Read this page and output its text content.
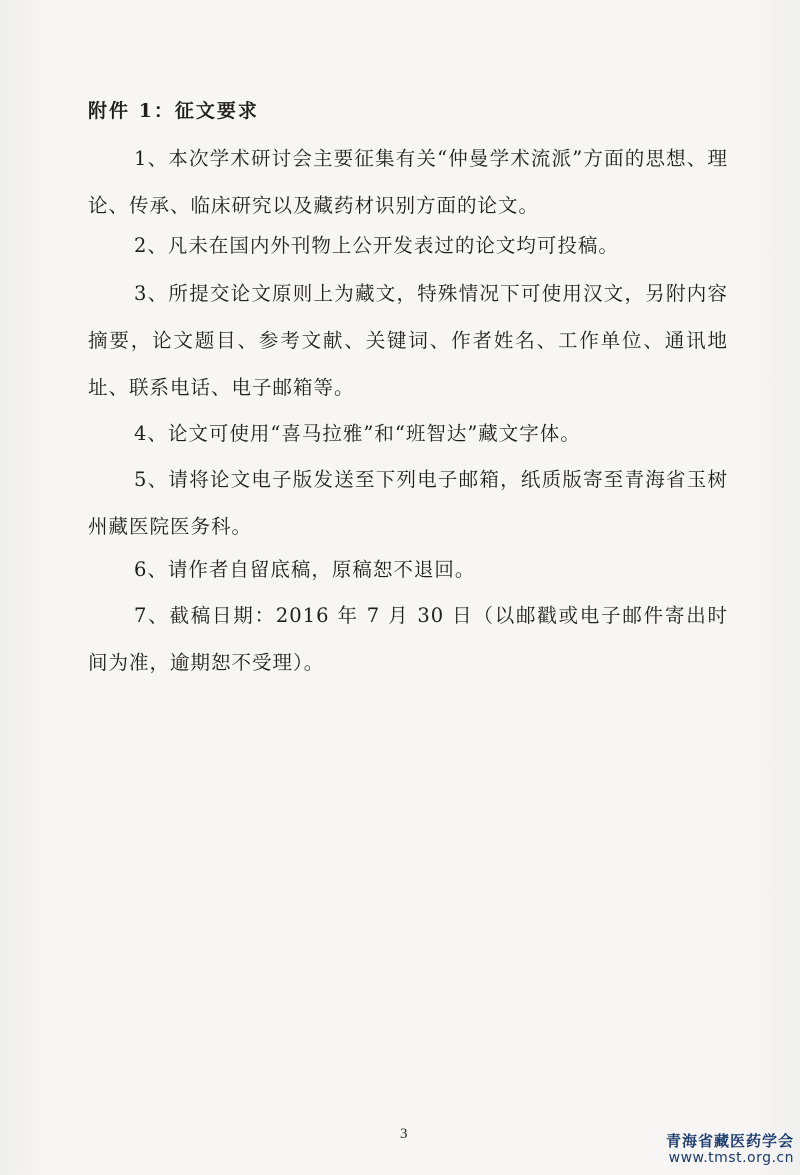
附件 1：征文要求
1、本次学术研讨会主要征集有关“仲曼学术流派”方面的思想、理论、传承、临床研究以及藏药材识别方面的论文。
2、凡未在国内外刊物上公开发表过的论文均可投稿。
3、所提交论文原则上为藏文，特殊情况下可使用汉文，另附内容摘要，论文题目、参考文献、关键词、作者姓名、工作单位、通讯地址、联系电话、电子邮箱等。
4、论文可使用“喜马拉雅”和“班智达”藏文字体。
5、请将论文电子版发送至下列电子邮箱，纸质版寄至青海省玉树州藏医院医务科。
6、请作者自留底稿，原稿恕不退回。
7、截稿日期：2016 年 7 月 30 日（以邮戳或电子邮件寄出时间为准，逾期恕不受理）。
3	青海省藏医药学会
www.tmst.org.cn
